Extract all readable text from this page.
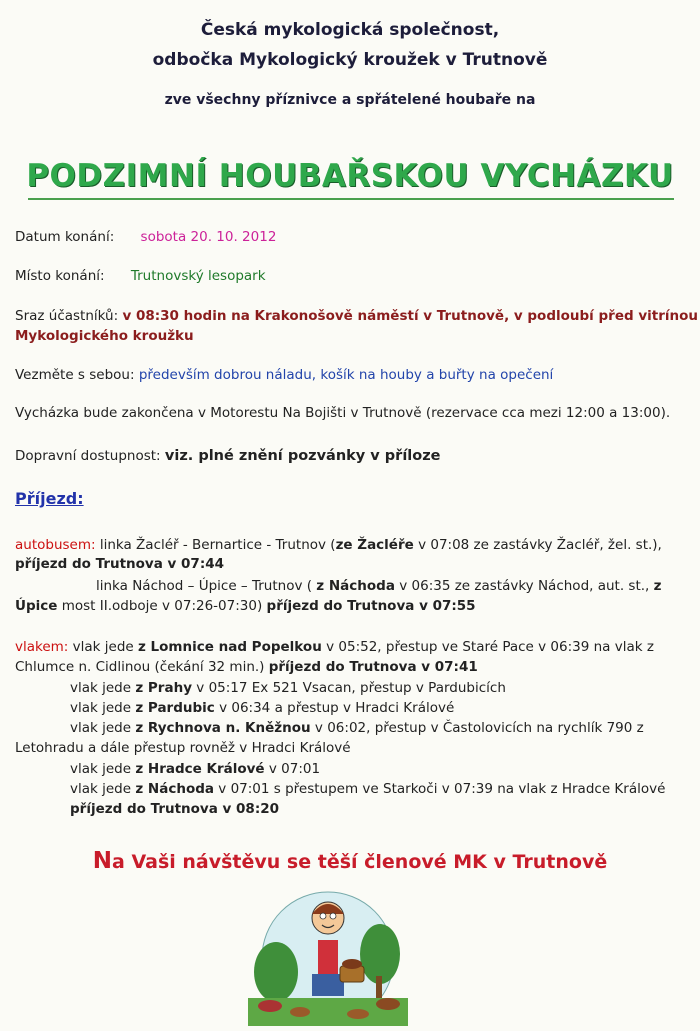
Česká mykologická společnost,
odbočka Mykologický kroužek v Trutnově
zve všechny příznivce a spřátelené houbaře na
PODZIMNÍ HOUBAŘSKOU VYCHÁZKU
Datum konání: sobota 20. 10. 2012
Místo konání: Trutnovský lesopark
Sraz účastníků: v 08:30 hodin na Krakonošově náměstí v Trutnově, v podloubí před vitrínou
Mykologického kroužku
Vezměte s sebou: především dobrou náladu, košík na houby a buřty na opečení
Vycházka bude zakončena v Motorestu Na Bojišti v Trutnově (rezervace cca mezi 12:00 a 13:00).
Dopravní dostupnost: viz. plné znění pozvánky v příloze
Příjezd:
autobusem: linka Žacléř - Bernartice - Trutnov (ze Žacléře v 07:08 ze zastávky Žacléř, žel. st.),
příjezd do Trutnova v 07:44
linka Náchod – Úpice – Trutnov ( z Náchoda v 06:35 ze zastávky Náchod, aut. st., z
Úpice most II.odboje v 07:26-07:30) příjezd do Trutnova v 07:55
vlakem: vlak jede z Lomnice nad Popelkou v 05:52, přestup ve Staré Pace v 06:39 na vlak z
Chlumce n. Cidlinou (čekání 32 min.) příjezd do Trutnova v 07:41
vlak jede z Prahy v 05:17 Ex 521 Vsacan, přestup v Pardubicích
vlak jede z Pardubic v 06:34 a přestup v Hradci Králové
vlak jede z Rychnova n. Kněžnou v 06:02, přestup v Častolovicích na rychlík 790 z
Letohradu a dále přestup rovněž v Hradci Králové
vlak jede z Hradce Králové v 07:01
vlak jede z Náchoda v 07:01 s přestupem ve Starkoči v 07:39 na vlak z Hradce Králové
příjezd do Trutnova v 08:20
Na Vaši návštěvu se těší členové MK v Trutnově
